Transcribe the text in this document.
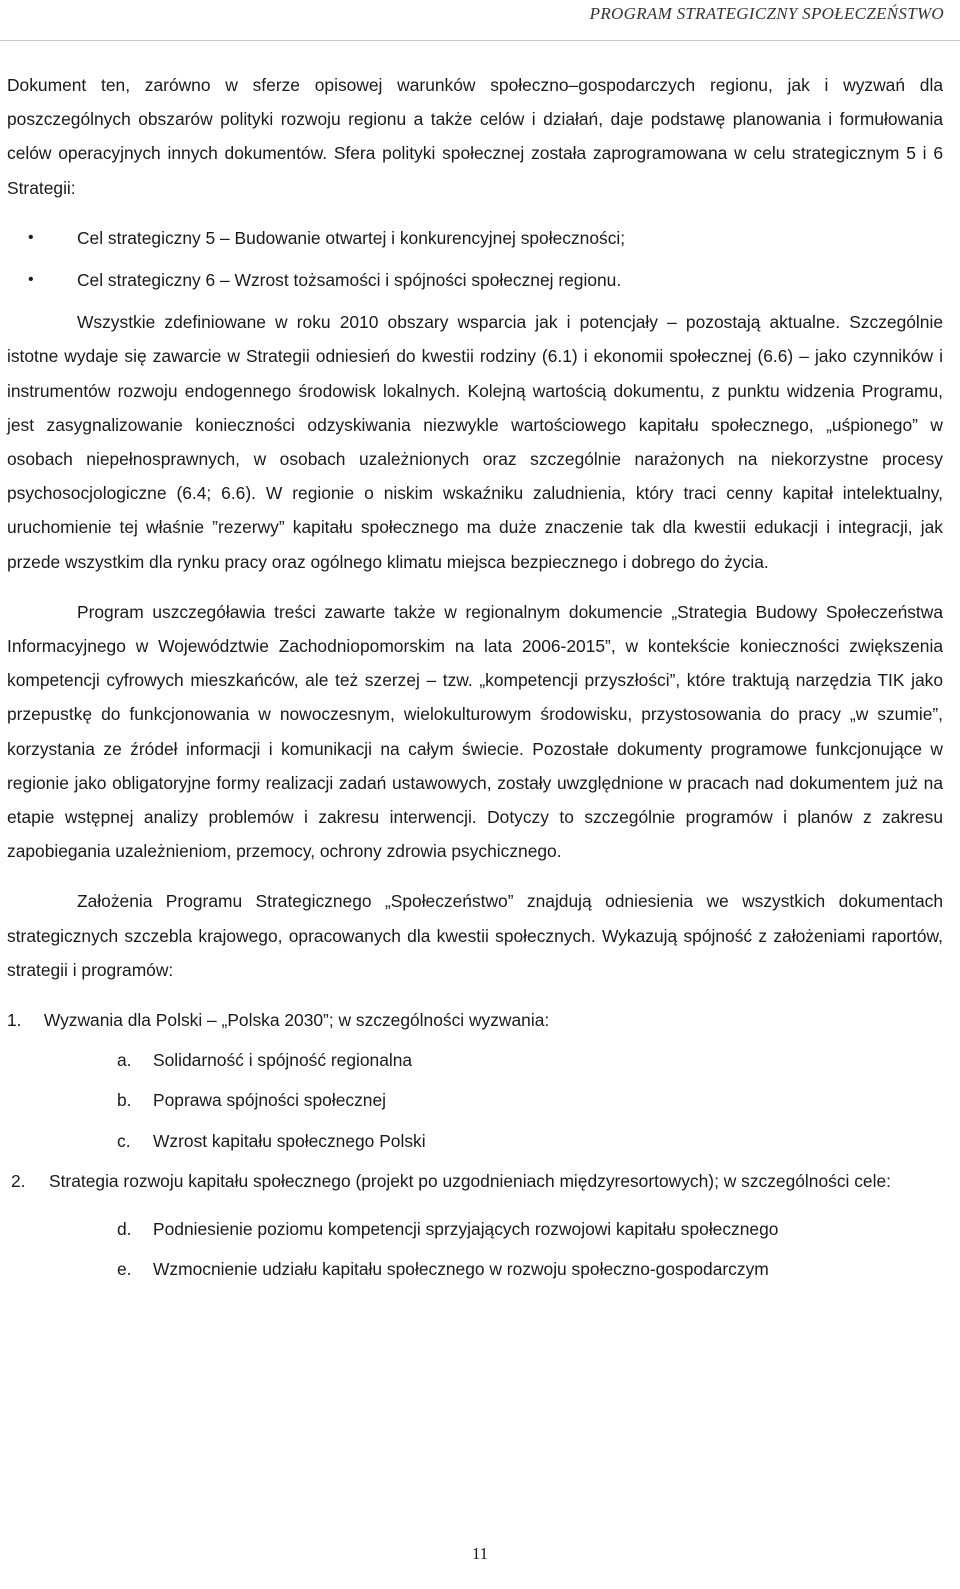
PROGRAM STRATEGICZNY SPOŁECZEŃSTWO

Dokument ten, zarówno w sferze opisowej warunków społeczno–gospodarczych regionu, jak i wyzwań dla poszczególnych obszarów polityki rozwoju regionu a także celów i działań, daje podstawę planowania i formułowania celów operacyjnych innych dokumentów. Sfera polityki społecznej została zaprogramowana w celu strategicznym 5 i 6 Strategii:

• Cel strategiczny 5 – Budowanie otwartej i konkurencyjnej społeczności;
• Cel strategiczny 6 – Wzrost tożsamości i spójności społecznej regionu.

Wszystkie zdefiniowane w roku 2010 obszary wsparcia jak i potencjały – pozostają aktualne. Szczególnie istotne wydaje się zawarcie w Strategii odniesień do kwestii rodziny (6.1) i ekonomii społecznej (6.6) – jako czynników i instrumentów rozwoju endogennego środowisk lokalnych. Kolejną wartością dokumentu, z punktu widzenia Programu, jest zasygnalizowanie konieczności odzyskiwania niezwykle wartościowego kapitału społecznego, „uśpionego” w osobach niepełnosprawnych, w osobach uzależnionych oraz szczególnie narażonych na niekorzystne procesy psychosocjologiczne (6.4; 6.6). W regionie o niskim wskaźniku zaludnienia, który traci cenny kapitał intelektualny, uruchomienie tej właśnie ”rezerwy” kapitału społecznego ma duże znaczenie tak dla kwestii edukacji i integracji, jak przede wszystkim dla rynku pracy oraz ogólnego klimatu miejsca bezpiecznego i dobrego do życia.

Program uszczegóławia treści zawarte także w regionalnym dokumencie „Strategia Budowy Społeczeństwa Informacyjnego w Województwie Zachodniopomorskim na lata 2006-2015”, w kontekście konieczności zwiększenia kompetencji cyfrowych mieszkańców, ale też szerzej – tzw. „kompetencji przyszłości”, które traktują narzędzia TIK jako przepustkę do funkcjonowania w nowoczesnym, wielokulturowym środowisku, przystosowania do pracy „w szumie”, korzystania ze źródeł informacji i komunikacji na całym świecie. Pozostałe dokumenty programowe funkcjonujące w regionie jako obligatoryjne formy realizacji zadań ustawowych, zostały uwzględnione w pracach nad dokumentem już na etapie wstępnej analizy problemów i zakresu interwencji. Dotyczy to szczególnie programów i planów z zakresu zapobiegania uzależnieniom, przemocy, ochrony zdrowia psychicznego.

Założenia Programu Strategicznego „Społeczeństwo” znajdują odniesienia we wszystkich dokumentach strategicznych szczebla krajowego, opracowanych dla kwestii społecznych. Wykazują spójność z założeniami raportów, strategii i programów:

1. Wyzwania dla Polski – „Polska 2030”; w szczególności wyzwania:
a.	Solidarność i spójność regionalna
b.	Poprawa spójności społecznej
c.	Wzrost kapitału społecznego Polski
2.	Strategia rozwoju kapitału społecznego (projekt po uzgodnieniach międzyresortowych); w szczególności cele:

d.	Podniesienie poziomu kompetencji sprzyjających rozwojowi kapitału społecznego
e.	Wzmocnienie udziału kapitału społecznego w rozwoju społeczno-gospodarczym
11
